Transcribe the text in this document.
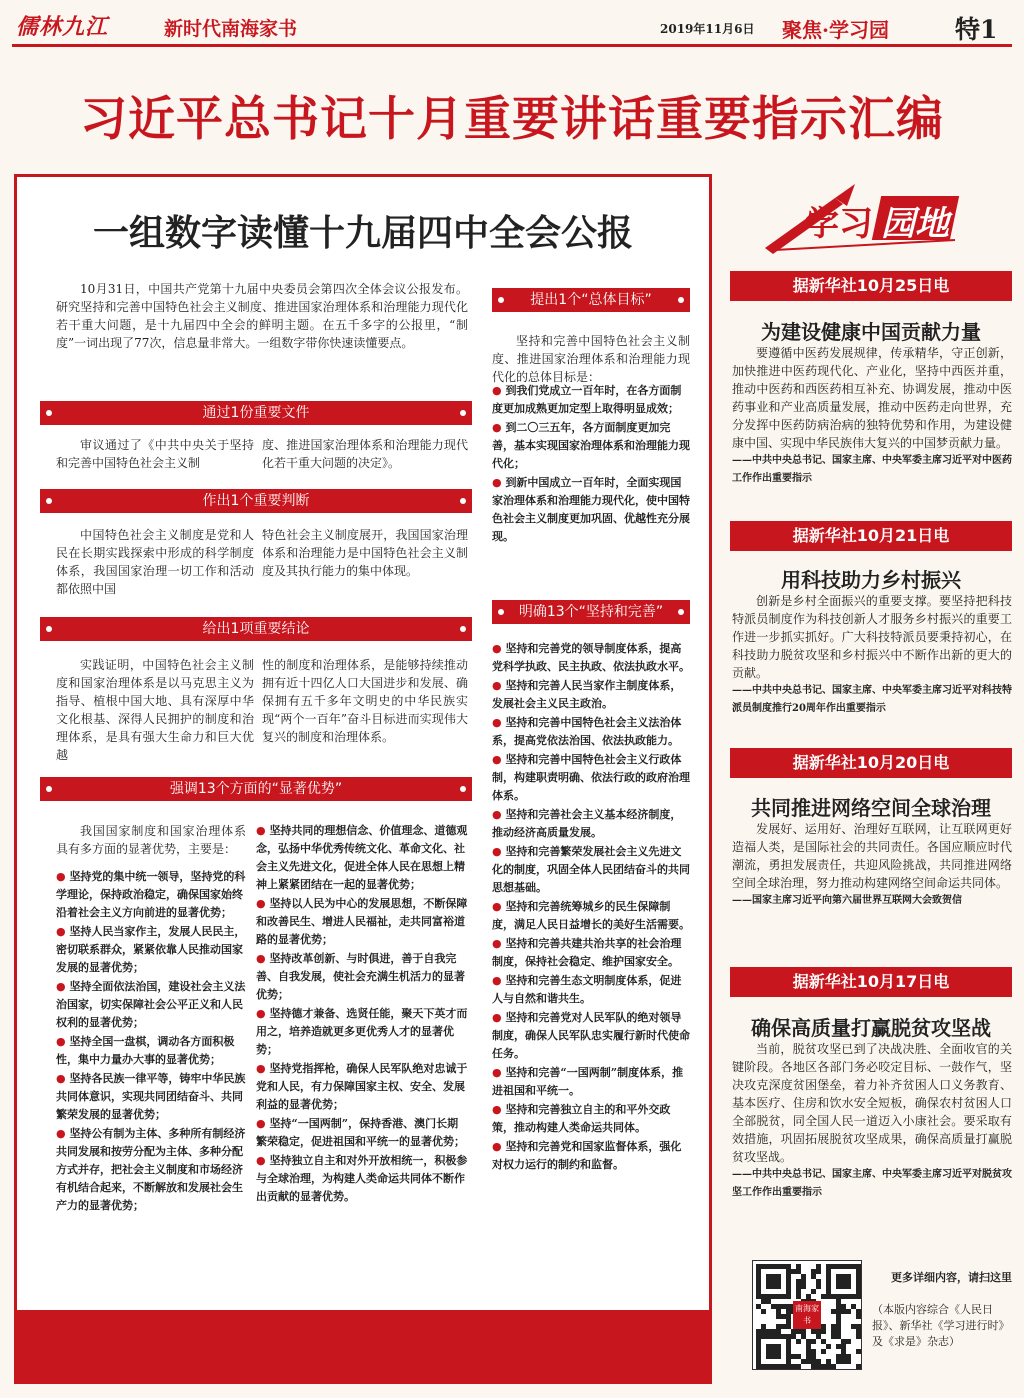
儒林九江	新时代南海家书	2019年11月6日 聚焦·学习园	特1
习近平总书记十月重要讲话重要指示汇编
一组数字读懂十九届四中全会公报

10月31日，中国共产党第十九届中央委员会第四次全体会议公报发布。研究坚持和完善中国特色社会主义制度、推进国家治理体系和治理能力现代化若干重大问题，是十九届四中全会的鲜明主题。在五千多字的公报里，“制度”一词出现了77次，信息量非常大。一组数字带你快速读懂要点。

通过1份重要文件

审议通过了《中共中央关于坚持和完善中国特色社会主义制

度、推进国家治理体系和治理能力现代化若干重大问题的决定》。

作出1个重要判断

中国特色社会主义制度是党和人民在长期实践探索中形成的科学制度体系，我国国家治理一切工作和活动都依照中国

特色社会主义制度展开，我国国家治理体系和治理能力是中国特色社会主义制度及其执行能力的集中体现。

给出1项重要结论

实践证明，中国特色社会主义制度和国家治理体系是以马克思主义为指导、植根中国大地、具有深厚中华文化根基、深得人民拥护的制度和治理体系，是具有强大生命力和巨大优越

性的制度和治理体系，是能够持续推动拥有近十四亿人口大国进步和发展、确保拥有五千多年文明史的中华民族实现“两个一百年”奋斗目标进而实现伟大复兴的制度和治理体系。

强调13个方面的“显著优势”

我国国家制度和国家治理体系具有多方面的显著优势，主要是：

● 坚持党的集中统一领导，坚持党的科学理论，保持政治稳定，确保国家始终沿着社会主义方向前进的显著优势；

● 坚持人民当家作主，发展人民民主，密切联系群众，紧紧依靠人民推动国家发展的显著优势；

● 坚持全面依法治国，建设社会主义法治国家，切实保障社会公平正义和人民权利的显著优势；

● 坚持全国一盘棋，调动各方面积极性，集中力量办大事的显著优势；

● 坚持各民族一律平等，铸牢中华民族共同体意识，实现共同团结奋斗、共同繁荣发展的显著优势；

● 坚持公有制为主体、多种所有制经济共同发展和按劳分配为主体、多种分配方式并存，把社会主义制度和市场经济有机结合起来，不断解放和发展社会生产力的显著优势；

● 坚持共同的理想信念、价值理念、道德观念，弘扬中华优秀传统文化、革命文化、社会主义先进文化，促进全体人民在思想上精神上紧紧团结在一起的显著优势；

● 坚持以人民为中心的发展思想，不断保障和改善民生、增进人民福祉，走共同富裕道路的显著优势；

● 坚持改革创新、与时俱进，善于自我完善、自我发展，使社会充满生机活力的显著优势；

● 坚持德才兼备、选贤任能，聚天下英才而用之，培养造就更多更优秀人才的显著优势；

● 坚持党指挥枪，确保人民军队绝对忠诚于党和人民，有力保障国家主权、安全、发展利益的显著优势；

● 坚持“一国两制”，保持香港、澳门长期繁荣稳定，促进祖国和平统一的显著优势；

● 坚持独立自主和对外开放相统一，积极参与全球治理，为构建人类命运共同体不断作出贡献的显著优势。

提出1个“总体目标”

坚持和完善中国特色社会主义制度、推进国家治理体系和治理能力现代化的总体目标是：

● 到我们党成立一百年时，在各方面制度更加成熟更加定型上取得明显成效；

● 到二〇三五年，各方面制度更加完善，基本实现国家治理体系和治理能力现代化；

● 到新中国成立一百年时，全面实现国家治理体系和治理能力现代化，使中国特色社会主义制度更加巩固、优越性充分展现。

明确13个“坚持和完善”

● 坚持和完善党的领导制度体系，提高党科学执政、民主执政、依法执政水平。

● 坚持和完善人民当家作主制度体系，发展社会主义民主政治。

● 坚持和完善中国特色社会主义法治体系，提高党依法治国、依法执政能力。

● 坚持和完善中国特色社会主义行政体制，构建职责明确、依法行政的政府治理体系。

● 坚持和完善社会主义基本经济制度，推动经济高质量发展。

● 坚持和完善繁荣发展社会主义先进文化的制度，巩固全体人民团结奋斗的共同思想基础。

● 坚持和完善统筹城乡的民生保障制度，满足人民日益增长的美好生活需要。

● 坚持和完善共建共治共享的社会治理制度，保持社会稳定、维护国家安全。

● 坚持和完善生态文明制度体系，促进人与自然和谐共生。

● 坚持和完善党对人民军队的绝对领导制度，确保人民军队忠实履行新时代使命任务。

● 坚持和完善“一国两制”制度体系，推进祖国和平统一。

● 坚持和完善独立自主的和平外交政策，推动构建人类命运共同体。

● 坚持和完善党和国家监督体系，强化对权力运行的制约和监督。

学习 园地
据新华社10月25日电
为建设健康中国贡献力量

要遵循中医药发展规律，传承精华，守正创新，加快推进中医药现代化、产业化，坚持中西医并重，推动中医药和西医药相互补充、协调发展，推动中医药事业和产业高质量发展，推动中医药走向世界，充分发挥中医药防病治病的独特优势和作用，为建设健康中国、实现中华民族伟大复兴的中国梦贡献力量。

——中共中央总书记、国家主席、中央军委主席习近平对中医药工作作出重要指示

据新华社10月21日电
用科技助力乡村振兴

创新是乡村全面振兴的重要支撑。要坚持把科技特派员制度作为科技创新人才服务乡村振兴的重要工作进一步抓实抓好。广大科技特派员要秉持初心，在科技助力脱贫攻坚和乡村振兴中不断作出新的更大的贡献。

——中共中央总书记、国家主席、中央军委主席习近平对科技特派员制度推行20周年作出重要指示

据新华社10月20日电
共同推进网络空间全球治理

发展好、运用好、治理好互联网，让互联网更好造福人类，是国际社会的共同责任。各国应顺应时代潮流，勇担发展责任，共迎风险挑战，共同推进网络空间全球治理，努力推动构建网络空间命运共同体。

——国家主席习近平向第六届世界互联网大会致贺信

据新华社10月17日电
确保高质量打赢脱贫攻坚战

当前，脱贫攻坚已到了决战决胜、全面收官的关键阶段。各地区各部门务必咬定目标、一鼓作气，坚决攻克深度贫困堡垒，着力补齐贫困人口义务教育、基本医疗、住房和饮水安全短板，确保农村贫困人口全部脱贫，同全国人民一道迈入小康社会。要采取有效措施，巩固拓展脱贫攻坚成果，确保高质量打赢脱贫攻坚战。

——中共中央总书记、国家主席、中央军委主席习近平对脱贫攻坚工作作出重要指示

南海家书
更多详细内容，请扫这里
（本版内容综合《人民日报》、新华社《学习进行时》及《求是》杂志）
